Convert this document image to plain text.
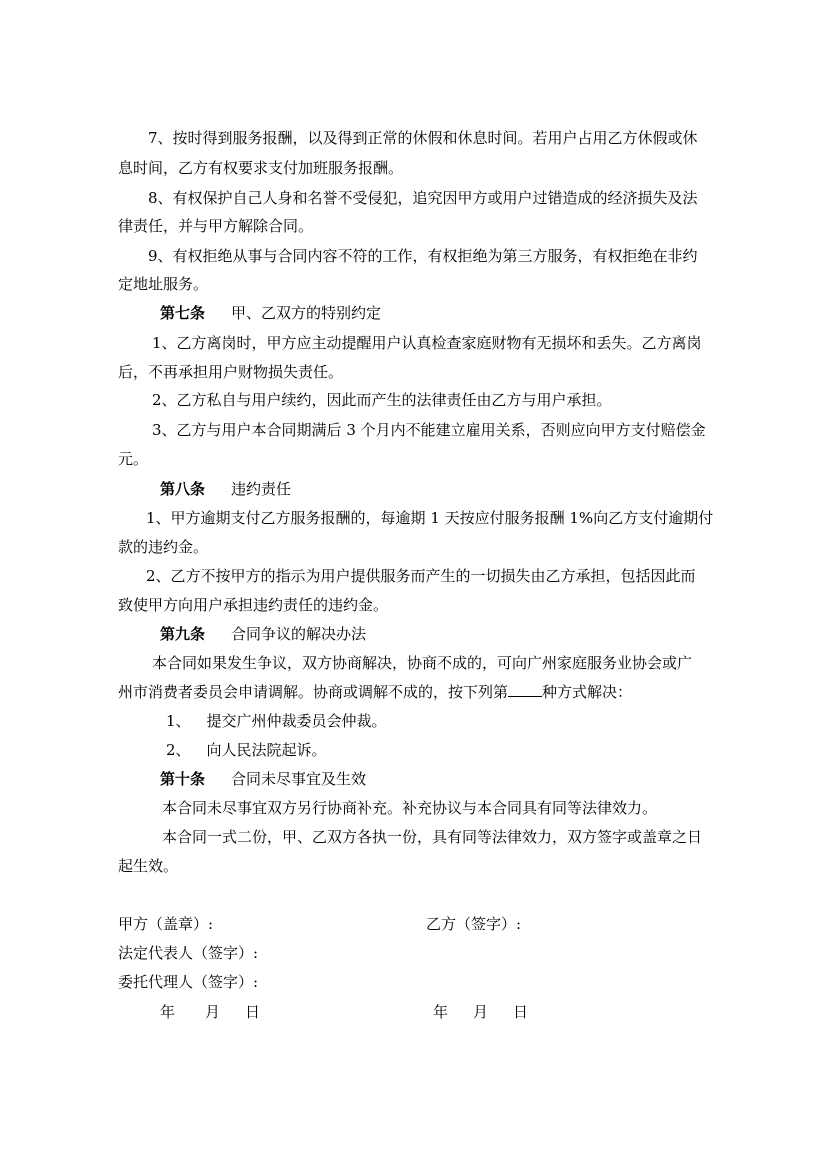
7、按时得到服务报酬，以及得到正常的休假和休息时间。若用户占用乙方休假或休
息时间，乙方有权要求支付加班服务报酬。
8、有权保护自己人身和名誉不受侵犯，追究因甲方或用户过错造成的经济损失及法
律责任，并与甲方解除合同。
9、有权拒绝从事与合同内容不符的工作，有权拒绝为第三方服务，有权拒绝在非约
定地址服务。
第七条 甲、乙双方的特别约定
1、乙方离岗时，甲方应主动提醒用户认真检查家庭财物有无损坏和丢失。乙方离岗
后，不再承担用户财物损失责任。
2、乙方私自与用户续约，因此而产生的法律责任由乙方与用户承担。
3、乙方与用户本合同期满后 3 个月内不能建立雇用关系，否则应向甲方支付赔偿金
元。
第八条 违约责任
1、甲方逾期支付乙方服务报酬的，每逾期 1 天按应付服务报酬 1%向乙方支付逾期付
款的违约金。
2、乙方不按甲方的指示为用户提供服务而产生的一切损失由乙方承担，包括因此而
致使甲方向用户承担违约责任的违约金。
第九条 合同争议的解决办法
本合同如果发生争议，双方协商解决，协商不成的，可向广州家庭服务业协会或广
州市消费者委员会申请调解。协商或调解不成的，按下列第 种方式解决：
1、 提交广州仲裁委员会仲裁。
2、 向人民法院起诉。
第十条 合同未尽事宜及生效
本合同未尽事宜双方另行协商补充。补充协议与本合同具有同等法律效力。
本合同一式二份，甲、乙双方各执一份，具有同等法律效力，双方签字或盖章之日
起生效。
甲方（盖章）:	乙方（签字）:
法定代表人（签字）:
委托代理人（签字）:
年 月 日	年 月 日
